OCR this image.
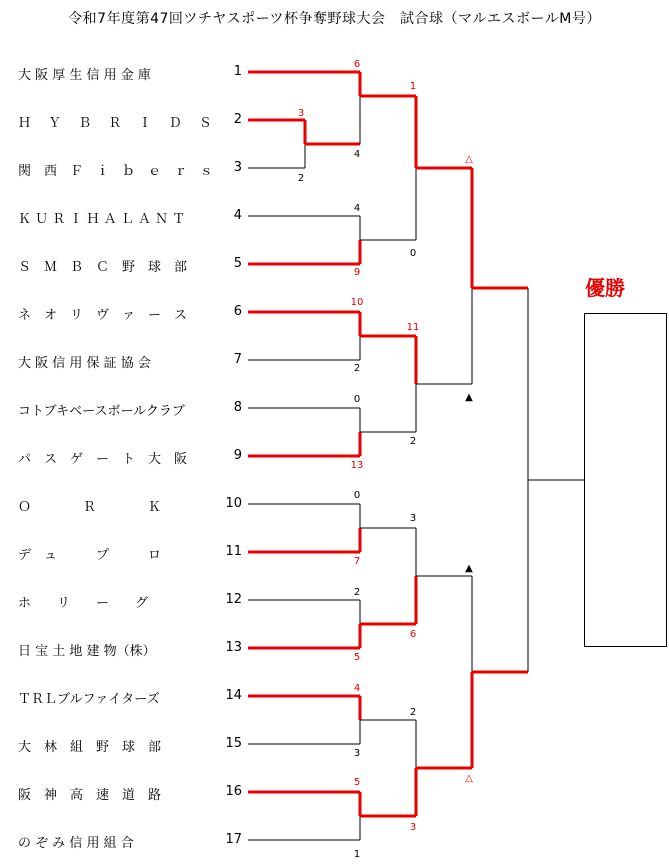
令和7年度第47回ツチヤスポーツ杯争奪野球大会　試合球（マルエスボールM号）
大 阪 厚 生 信 用 金 庫	1
Ｈ　 Ｙ 　Ｂ　 Ｒ 　Ｉ　 Ｄ 　Ｓ 2
関　西　Ｆ　ｉ　ｂ　ｅ　ｒ　ｓ 3
Ｋ Ｕ Ｒ Ｉ Ｈ Ａ Ｌ Ａ Ｎ Ｔ	4
Ｓ　Ｍ　Ｂ　Ｃ　野　球　部	5
ネ　オ　リ　ヴ　ァ　ー　ス	6
大 阪 信 用 保 証 協 会	7
コトブキベースボールクラブ	8
パ　ス　ゲ　ー　ト　大　阪	9
Ｏ　　　　Ｒ　　　　Ｋ	10
デ　ュ　　　プ　　　ロ	11
ホ　　リ　　ー　　グ	12
日 宝 土 地 建 物（株）	13
ＴＲＬブルファイターズ	14
大　林　組　野　球　部	15
阪　神　高　速　道　路	16
の ぞ み 信 用 組 合	17
3
2
6
4
4
9
10
2
0
13
0
7
2
5
4
3
5
1
1
0
11
2
3
6
2
3
△
▲
▲
△
優勝
